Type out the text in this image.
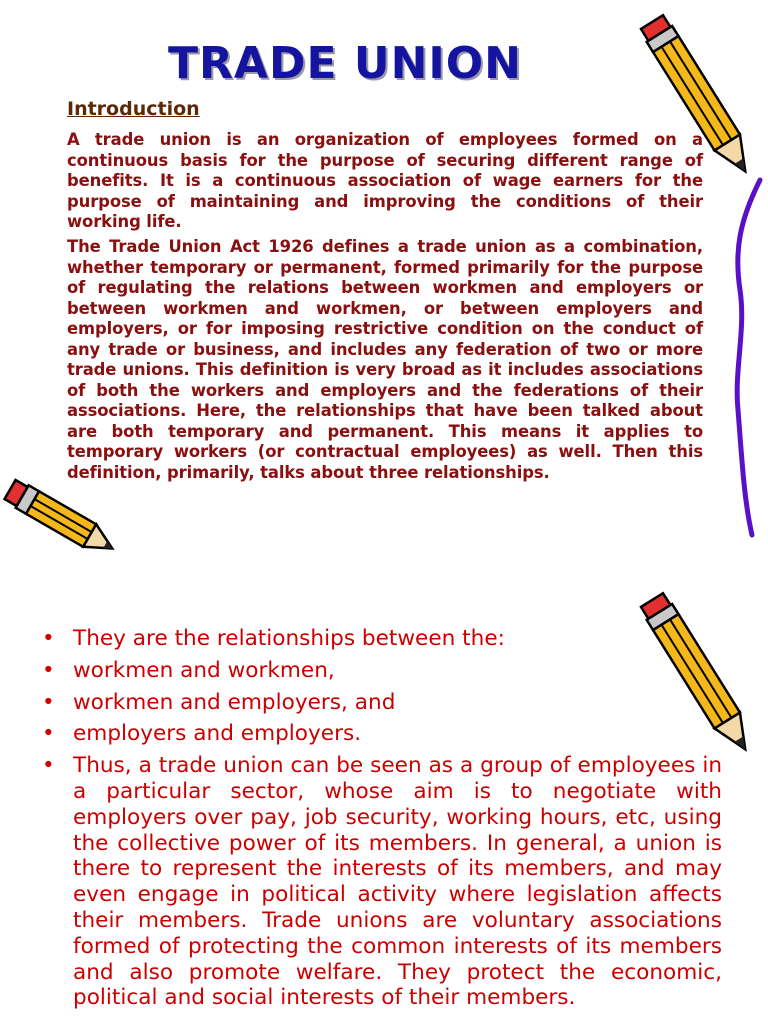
TRADE UNION
Introduction
A trade union is an organization of employees formed on a continuous basis for the purpose of securing different range of benefits. It is a continuous association of wage earners for the purpose of maintaining and improving the conditions of their working life.
The Trade Union Act 1926 defines a trade union as a combination, whether temporary or permanent, formed primarily for the purpose of regulating the relations between workmen and employers or between workmen and workmen, or between employers and employers, or for imposing restrictive condition on the conduct of any trade or business, and includes any federation of two or more trade unions. This definition is very broad as it includes associations of both the workers and employers and the federations of their associations. Here, the relationships that have been talked about are both temporary and permanent. This means it applies to temporary workers (or contractual employees) as well. Then this definition, primarily, talks about three relationships.
• They are the relationships between the:
• workmen and workmen,
• workmen and employers, and
• employers and employers.
• Thus, a trade union can be seen as a group of employees in a particular sector, whose aim is to negotiate with employers over pay, job security, working hours, etc, using the collective power of its members. In general, a union is there to represent the interests of its members, and may even engage in political activity where legislation affects their members. Trade unions are voluntary associations formed of protecting the common interests of its members and also promote welfare. They protect the economic, political and social interests of their members.
